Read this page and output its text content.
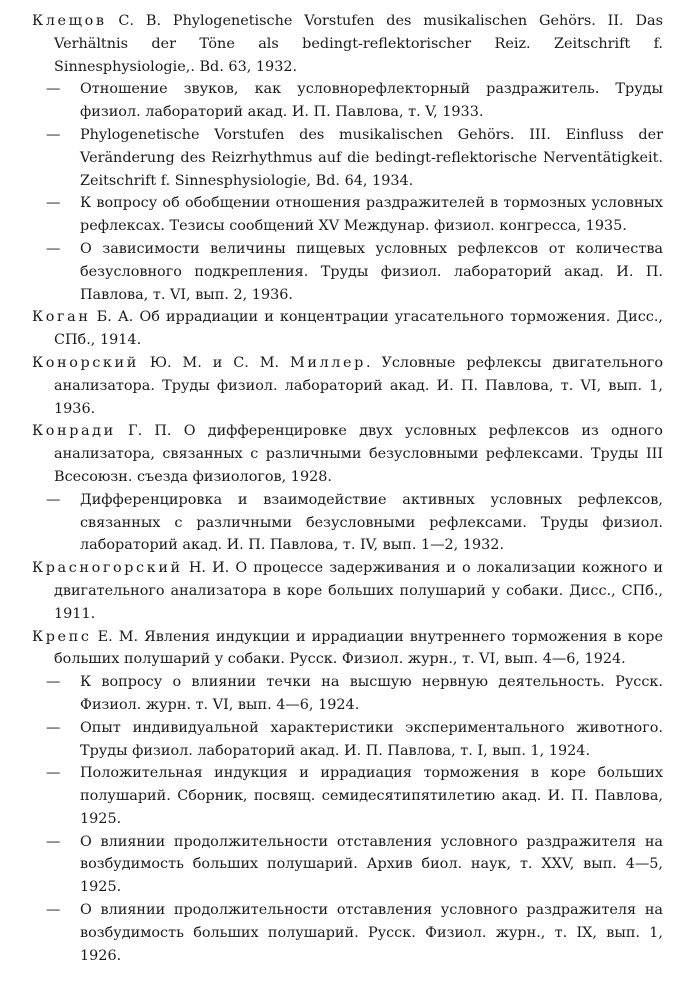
Клещов С. В. Phylogenetische Vorstufen des musikalischen Gehörs. II. Das Verhältnis der Töne als bedingt-reflektorischer Reiz. Zeitschrift f. Sinnesphysiologie,. Bd. 63, 1932.

—	Отношение звуков, как условнорефлекторный раздражитель. Труды физиол. лабораторий акад. И. П. Павлова, т. V, 1933.

—	Phylogenetische Vorstufen des musikalischen Gehörs. III. Einfluss der Veränderung des Reizrhythmus auf die bedingt-reflektorische Nerventätigkeit. Zeitschrift f. Sinnesphysiologie, Bd. 64, 1934.

—	К вопросу об обобщении отношения раздражителей в тормозных условных рефлексах. Тезисы сообщений XV Междунар. физиол. конгресса, 1935.

—	О зависимости величины пищевых условных рефлексов от количества безусловного подкрепления. Труды физиол. лабораторий акад. И. П. Павлова, т. VI, вып. 2, 1936.

Коган Б. А. Об иррадиации и концентрации угасательного торможения. Дисс., СПб., 1914.

Конорский Ю. М. и С. М. Миллер. Условные рефлексы двигательного анализатора. Труды физиол. лабораторий акад. И. П. Павлова, т. VI, вып. 1, 1936.

Конради Г. П. О дифференцировке двух условных рефлексов из одного анализатора, связанных с различными безусловными рефлексами. Труды III Всесоюзн. съезда физиологов, 1928.

—	Дифференцировка и взаимодействие активных условных рефлексов, связанных с различными безусловными рефлексами. Труды физиол. лабораторий акад. И. П. Павлова, т. IV, вып. 1—2, 1932.

Красногорский Н. И. О процессе задерживания и о локализации кожного и двигательного анализатора в коре больших полушарий у собаки. Дисс., СПб., 1911.

Крепс Е. М. Явления индукции и иррадиации внутреннего торможения в коре больших полушарий у собаки. Русск. Физиол. журн., т. VI, вып. 4—6, 1924.

—	К вопросу о влиянии течки на высшую нервную деятельность. Русск. Физиол. журн. т. VI, вып. 4—6, 1924.

—	Опыт индивидуальной характеристики экспериментального животного. Труды физиол. лабораторий акад. И. П. Павлова, т. I, вып. 1, 1924.

—	Положительная индукция и иррадиация торможения в коре больших полушарий. Сборник, посвящ. семидесятипятилетию акад. И. П. Павлова, 1925.

—	О влиянии продолжительности отставления условного раздражителя на возбудимость больших полушарий. Архив биол. наук, т. XXV, вып. 4—5, 1925.

—	О влиянии продолжительности отставления условного раздражителя на возбудимость больших полушарий. Русск. Физиол. журн., т. IX, вып. 1, 1926.
